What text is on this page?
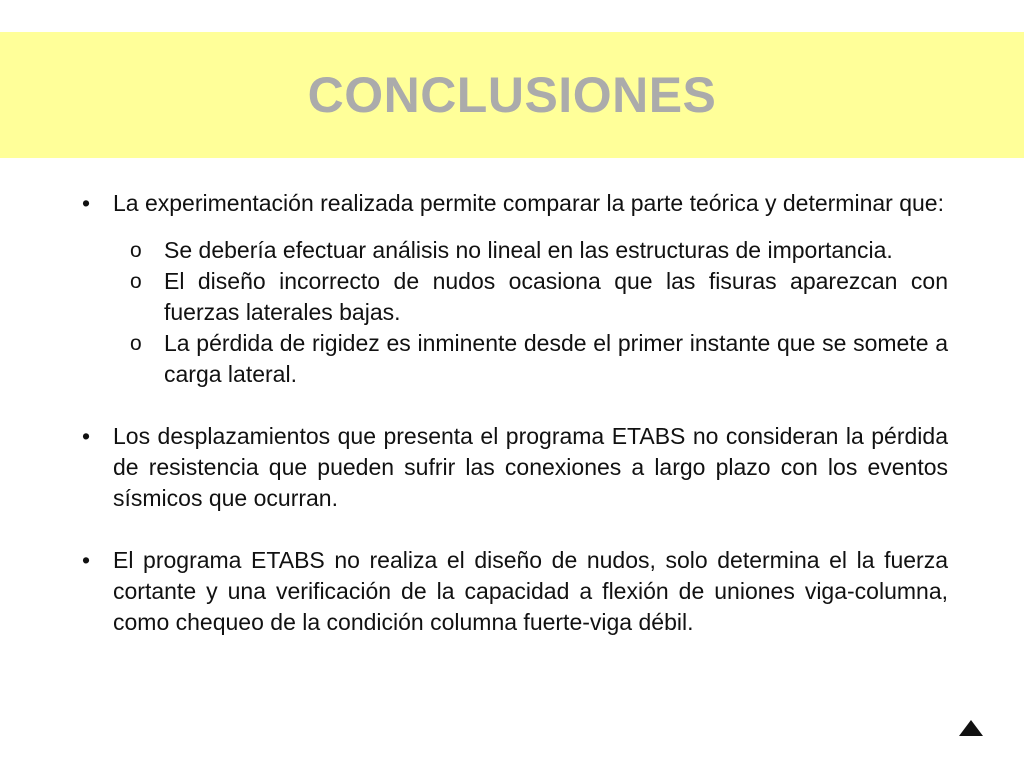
CONCLUSIONES
• La experimentación realizada permite comparar la parte teórica y determinar que:
o Se debería efectuar análisis no lineal en las estructuras de importancia.
o El diseño incorrecto de nudos ocasiona que las fisuras aparezcan con fuerzas laterales bajas.
o La pérdida de rigidez es inminente desde el primer instante que se somete a carga lateral.
• Los desplazamientos que presenta el programa ETABS no consideran la pérdida de resistencia que pueden sufrir las conexiones a largo plazo con los eventos sísmicos que ocurran.
• El programa ETABS no realiza el diseño de nudos, solo determina el la fuerza cortante y una verificación de la capacidad a flexión de uniones viga-columna, como chequeo de la condición columna fuerte-viga débil.
